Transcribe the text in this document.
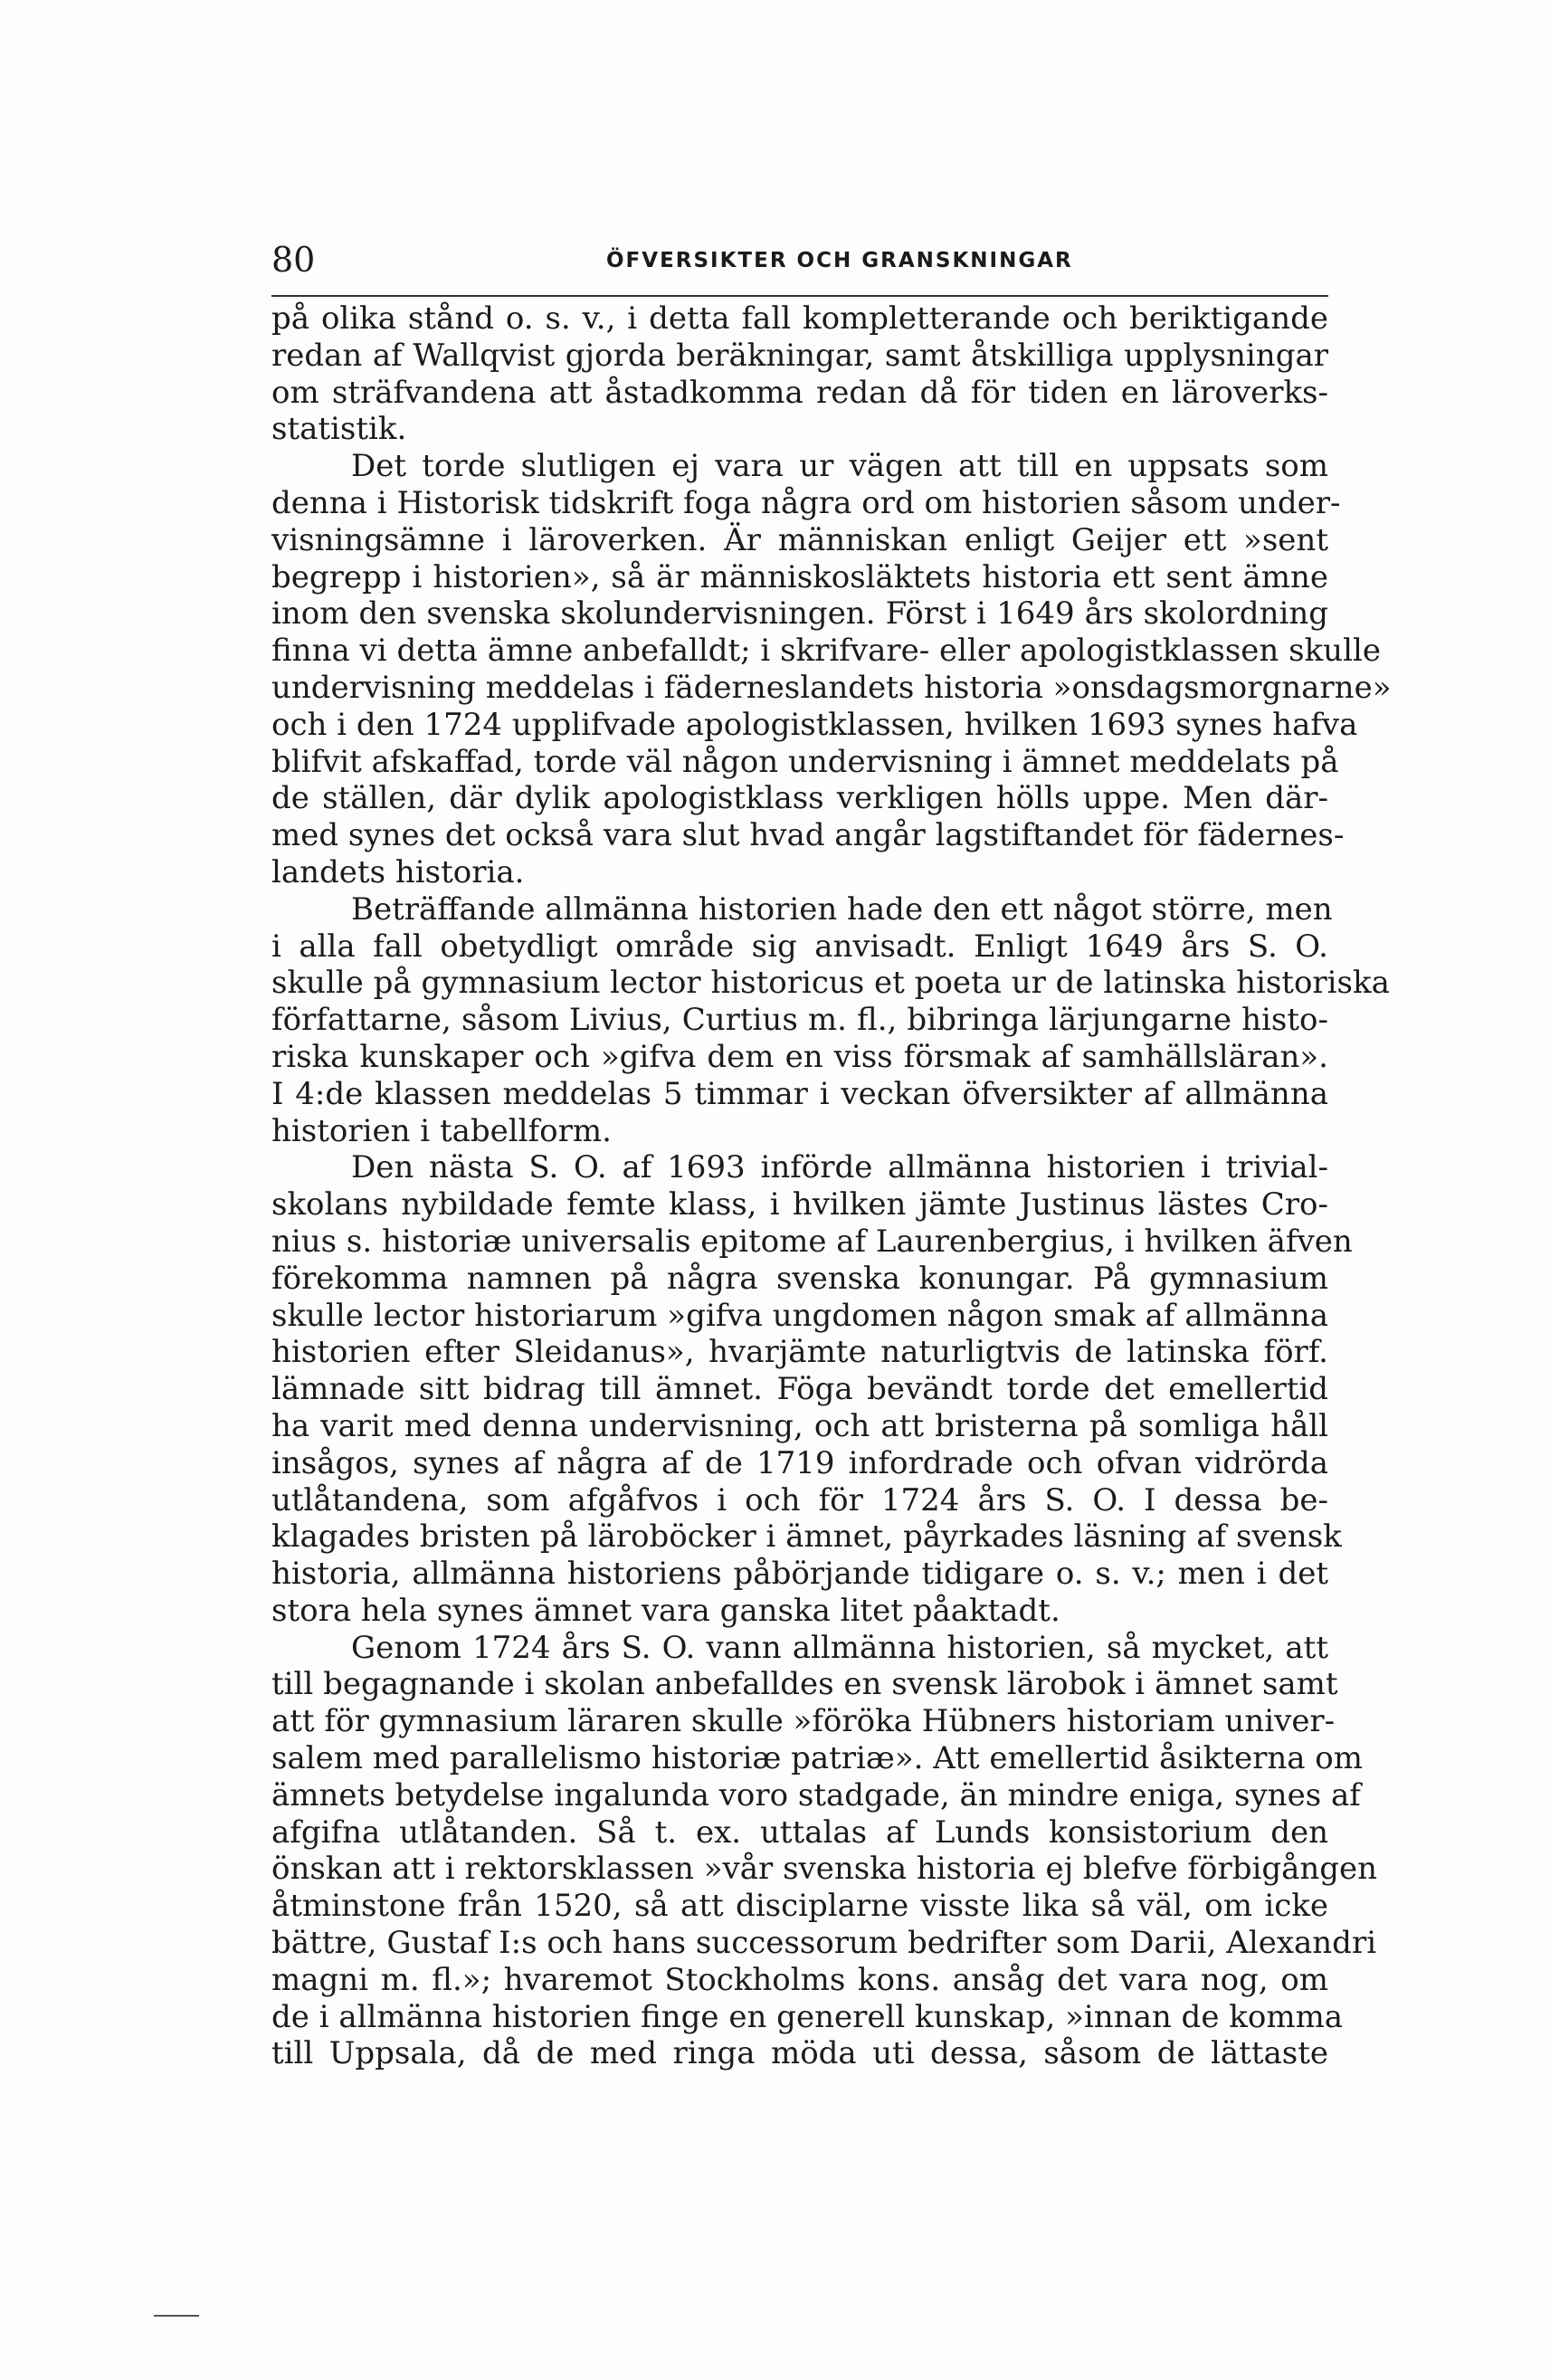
80	ÖFVERSIKTER OCH GRANSKNINGAR
på olika stånd o. s. v., i detta fall kompletterande och beriktigande
redan af Wallqvist gjorda beräkningar, samt åtskilliga upplysningar
om sträfvandena att åstadkomma redan då för tiden en läroverks-
statistik.
Det torde slutligen ej vara ur vägen att till en uppsats som
denna i Historisk tidskrift foga några ord om historien såsom under-
visningsämne i läroverken. Är människan enligt Geijer ett »sent
begrepp i historien», så är människosläktets historia ett sent ämne
inom den svenska skolundervisningen. Först i 1649 års skolordning
finna vi detta ämne anbefalldt; i skrifvare- eller apologistklassen skulle
undervisning meddelas i fäderneslandets historia »onsdagsmorgnarne»
och i den 1724 upplifvade apologistklassen, hvilken 1693 synes hafva
blifvit afskaffad, torde väl någon undervisning i ämnet meddelats på
de ställen, där dylik apologistklass verkligen hölls uppe. Men där-
med synes det också vara slut hvad angår lagstiftandet för fädernes-
landets historia.
Beträffande allmänna historien hade den ett något större, men
i alla fall obetydligt område sig anvisadt. Enligt 1649 års S. O.
skulle på gymnasium lector historicus et poeta ur de latinska historiska
författarne, såsom Livius, Curtius m. fl., bibringa lärjungarne histo-
riska kunskaper och »gifva dem en viss försmak af samhällsläran».
I 4:de klassen meddelas 5 timmar i veckan öfversikter af allmänna
historien i tabellform.
Den nästa S. O. af 1693 införde allmänna historien i trivial-
skolans nybildade femte klass, i hvilken jämte Justinus lästes Cro-
nius s. historiæ universalis epitome af Laurenbergius, i hvilken äfven
förekomma namnen på några svenska konungar. På gymnasium
skulle lector historiarum »gifva ungdomen någon smak af allmänna
historien efter Sleidanus», hvarjämte naturligtvis de latinska förf.
lämnade sitt bidrag till ämnet. Föga bevändt torde det emellertid
ha varit med denna undervisning, och att bristerna på somliga håll
insågos, synes af några af de 1719 infordrade och ofvan vidrörda
utlåtandena, som afgåfvos i och för 1724 års S. O. I dessa be-
klagades bristen på läroböcker i ämnet, påyrkades läsning af svensk
historia, allmänna historiens påbörjande tidigare o. s. v.; men i det
stora hela synes ämnet vara ganska litet påaktadt.
Genom 1724 års S. O. vann allmänna historien, så mycket, att
till begagnande i skolan anbefalldes en svensk lärobok i ämnet samt
att för gymnasium läraren skulle »föröka Hübners historiam univer-
salem med parallelismo historiæ patriæ». Att emellertid åsikterna om
ämnets betydelse ingalunda voro stadgade, än mindre eniga, synes af
afgifna utlåtanden. Så t. ex. uttalas af Lunds konsistorium den
önskan att i rektorsklassen »vår svenska historia ej blefve förbigången
åtminstone från 1520, så att disciplarne visste lika så väl, om icke
bättre, Gustaf I:s och hans successorum bedrifter som Darii, Alexandri
magni m. fl.»; hvaremot Stockholms kons. ansåg det vara nog, om
de i allmänna historien finge en generell kunskap, »innan de komma
till Uppsala, då de med ringa möda uti dessa, såsom de lättaste
